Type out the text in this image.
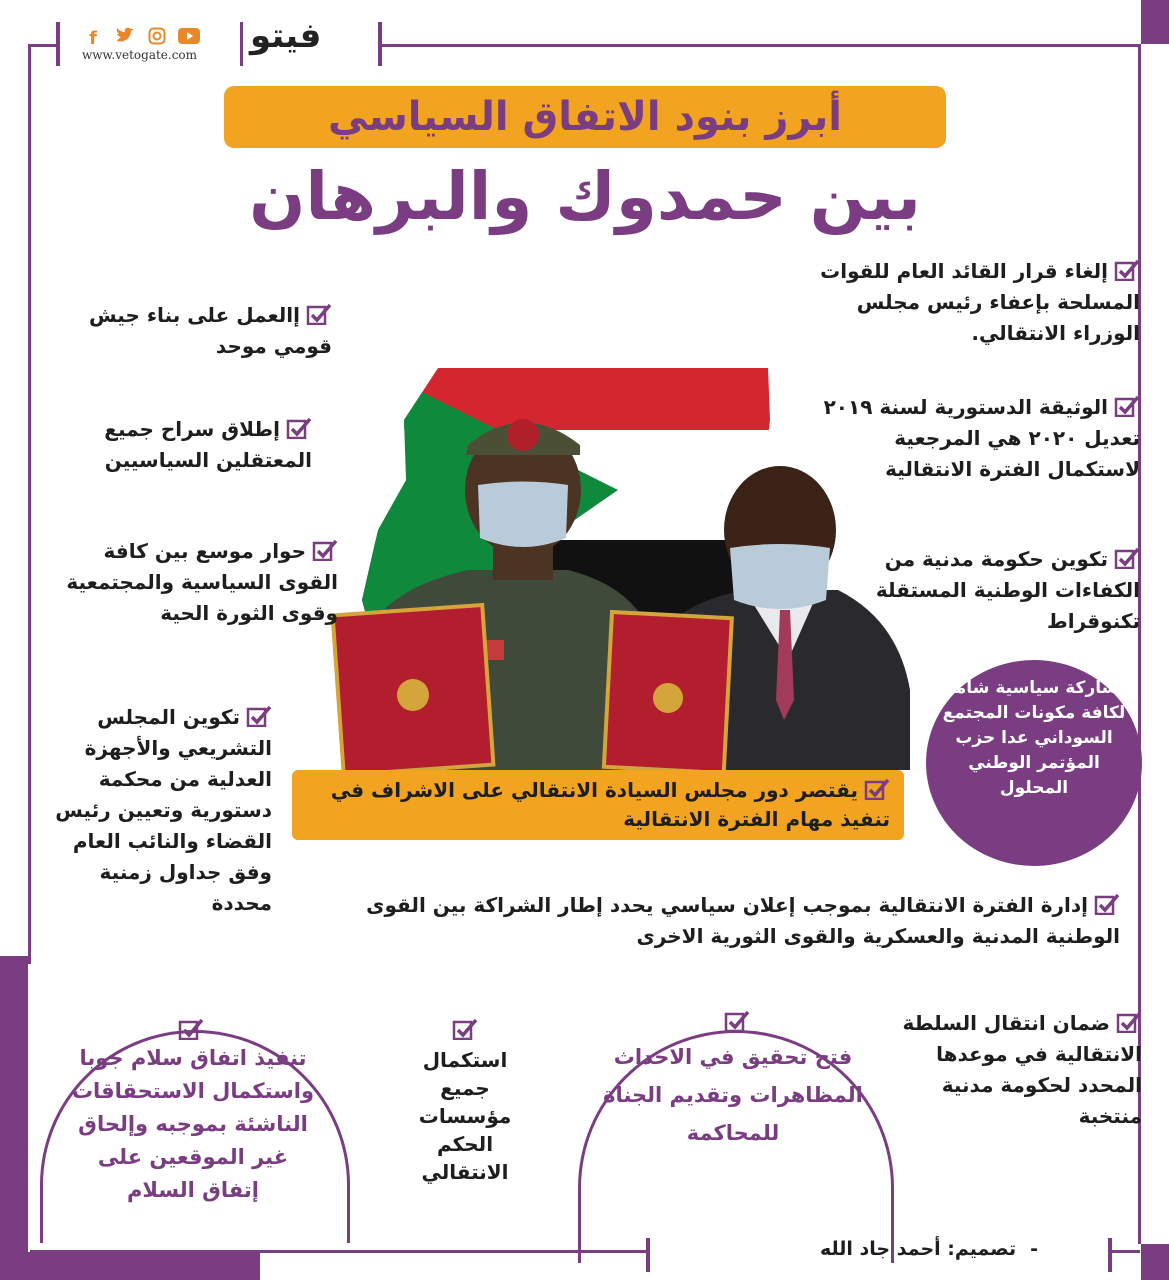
f
www.vetogate.com فيتو
أبرز بنود الاتفاق السياسي
بين حمدوك والبرهان
إلغاء قرار القائد العام للقوات المسلحة بإعفاء رئيس مجلس الوزراء الانتقالي.
الوثيقة الدستورية لسنة ٢٠١٩ تعديل ٢٠٢٠ هي المرجعية لاستكمال الفترة الانتقالية
تكوين حكومة مدنية من الكفاءات الوطنية المستقلة تكنوقراط
إالعمل على بناء جيش قومي موحد
إطلاق سراح جميع المعتقلين السياسيين
حوار موسع بين كافة القوى السياسية والمجتمعية وقوى الثورة الحية
تكوين المجلس التشريعي والأجهزة العدلية من محكمة دستورية وتعيين رئيس القضاء والنائب العام وفق جداول زمنية محددة
مشاركة سياسية شاملة لكافة مكونات المجتمع السوداني عدا حزب المؤتمر الوطني المحلول
يقتصر دور مجلس السيادة الانتقالي على الاشراف في تنفيذ مهام الفترة الانتقالية
إدارة الفترة الانتقالية بموجب إعلان سياسي يحدد إطار الشراكة بين القوى الوطنية المدنية والعسكرية والقوى الثورية الاخرى
ضمان انتقال السلطة الانتقالية في موعدها المحدد لحكومة مدنية منتخبة
فتح تحقيق في الاحداث المظاهرات وتقديم الجناة للمحاكمة
استكمال جميع مؤسسات الحكم الانتقالي
تنفيذ اتفاق سلام جوبا واستكمال الاستحقاقات الناشئة بموجبه وإلحاق غير الموقعين على إتفاق السلام
-تصميم: أحمد جاد الله
